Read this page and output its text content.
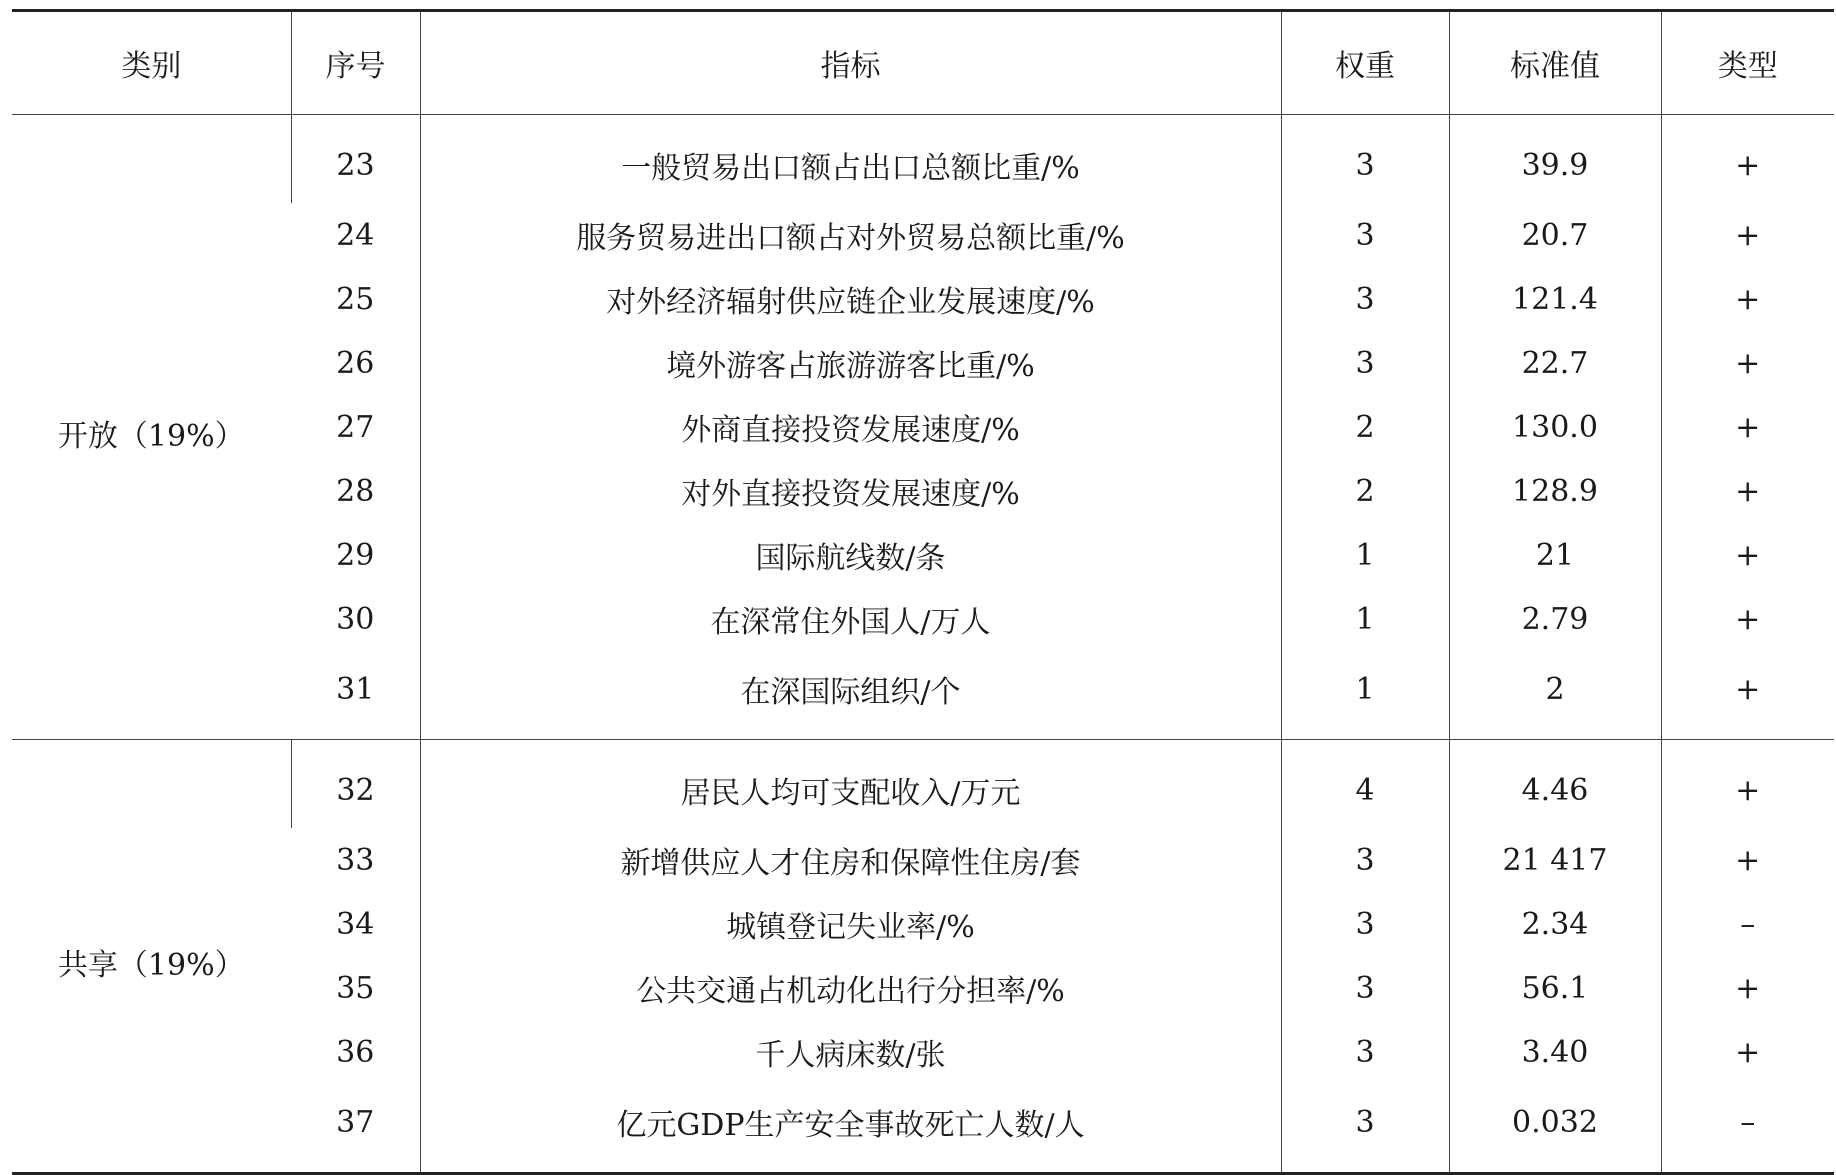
类别	序号	指标	权重	标准值	类型
开放（19%）	23	一般贸易出口额占出口总额比重/%	3	39.9	+
	24	服务贸易进出口额占对外贸易总额比重/%	3	20.7	+
	25	对外经济辐射供应链企业发展速度/%	3	121.4	+
	26	境外游客占旅游游客比重/%	3	22.7	+
	27	外商直接投资发展速度/%	2	130.0	+
	28	对外直接投资发展速度/%	2	128.9	+
	29	国际航线数/条	1	21	+
	30	在深常住外国人/万人	1	2.79	+
	31	在深国际组织/个	1	2	+
共享（19%）	32	居民人均可支配收入/万元	4	4.46	+
	33	新增供应人才住房和保障性住房/套	3	21 417	+
	34	城镇登记失业率/%	3	2.34	–
	35	公共交通占机动化出行分担率/%	3	56.1	+
	36	千人病床数/张	3	3.40	+
	37	亿元GDP生产安全事故死亡人数/人	3	0.032	–
